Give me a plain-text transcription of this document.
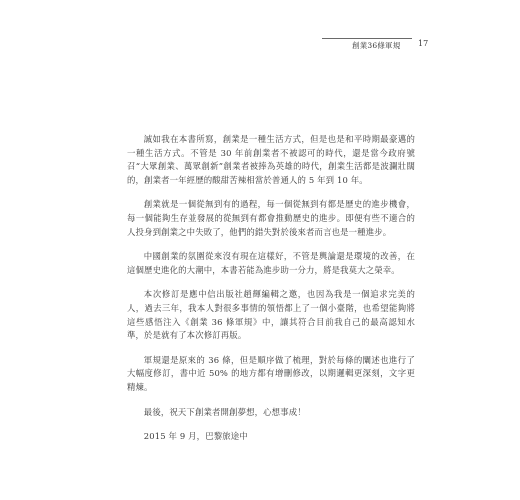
創業36條軍規 17

誠如我在本書所寫，創業是一種生活方式，但是也是和平時期最豪邁的一種生活方式。不管是 30 年前創業者不被認可的時代，還是當今政府號召“大眾創業、萬眾創新”創業者被捧為英雄的時代，創業生活都是波瀾壯闊的，創業者一年經歷的酸甜苦辣相當於普通人的 5 年到 10 年。

創業就是一個從無到有的過程，每一個從無到有都是歷史的進步機會，每一個能夠生存並發展的從無到有都會推動歷史的進步。即便有些不適合的人投身到創業之中失敗了，他們的錯失對於後來者而言也是一種進步。

中國創業的氛圍從來沒有現在這樣好，不管是輿論還是環境的改善，在這個歷史進化的大潮中，本書若能為進步助一分力，將是我莫大之榮幸。

本次修訂是應中信出版社趙輝編輯之邀，也因為我是一個追求完美的人，過去三年，我本人對很多事情的領悟都上了一個小臺階，也希望能夠將這些感悟注入《創業 36 條軍規》中，讓其符合目前我自己的最高認知水準，於是就有了本次修訂再版。

軍規還是原來的 36 條，但是順序做了梳理，對於每條的闡述也進行了大幅度修訂，書中近 50% 的地方都有增刪修改，以期邏輯更深刻，文字更精煉。

最後，祝天下創業者開創夢想，心想事成！

2015 年 9 月，巴黎旅途中
